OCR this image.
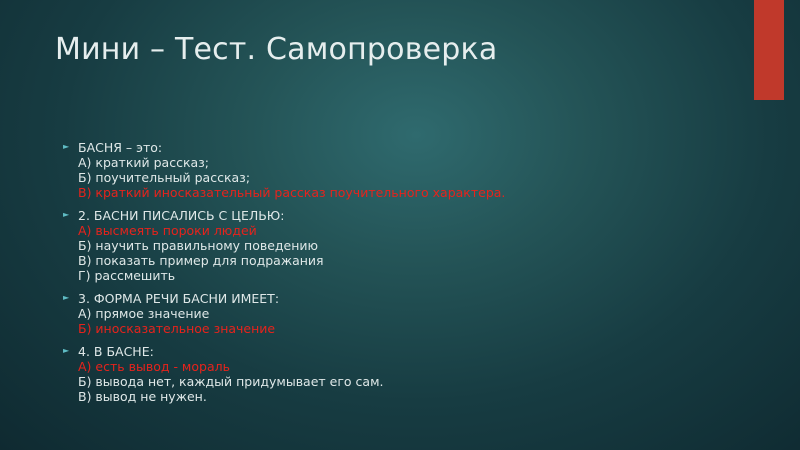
Мини – Тест. Самопроверка
► БАСНЯ – это:
А) краткий рассказ;
Б) поучительный рассказ;
В) краткий иносказательный рассказ поучительного характера.
► 2. БАСНИ ПИСАЛИСЬ С ЦЕЛЬЮ:
А) высмеять пороки людей
Б) научить правильному поведению
В) показать пример для подражания
Г) рассмешить
► 3. ФОРМА РЕЧИ БАСНИ ИМЕЕТ:
А) прямое значение
Б) иносказательное значение
► 4. В БАСНЕ:
А) есть вывод - мораль
Б) вывода нет, каждый придумывает его сам.
В) вывод не нужен.
